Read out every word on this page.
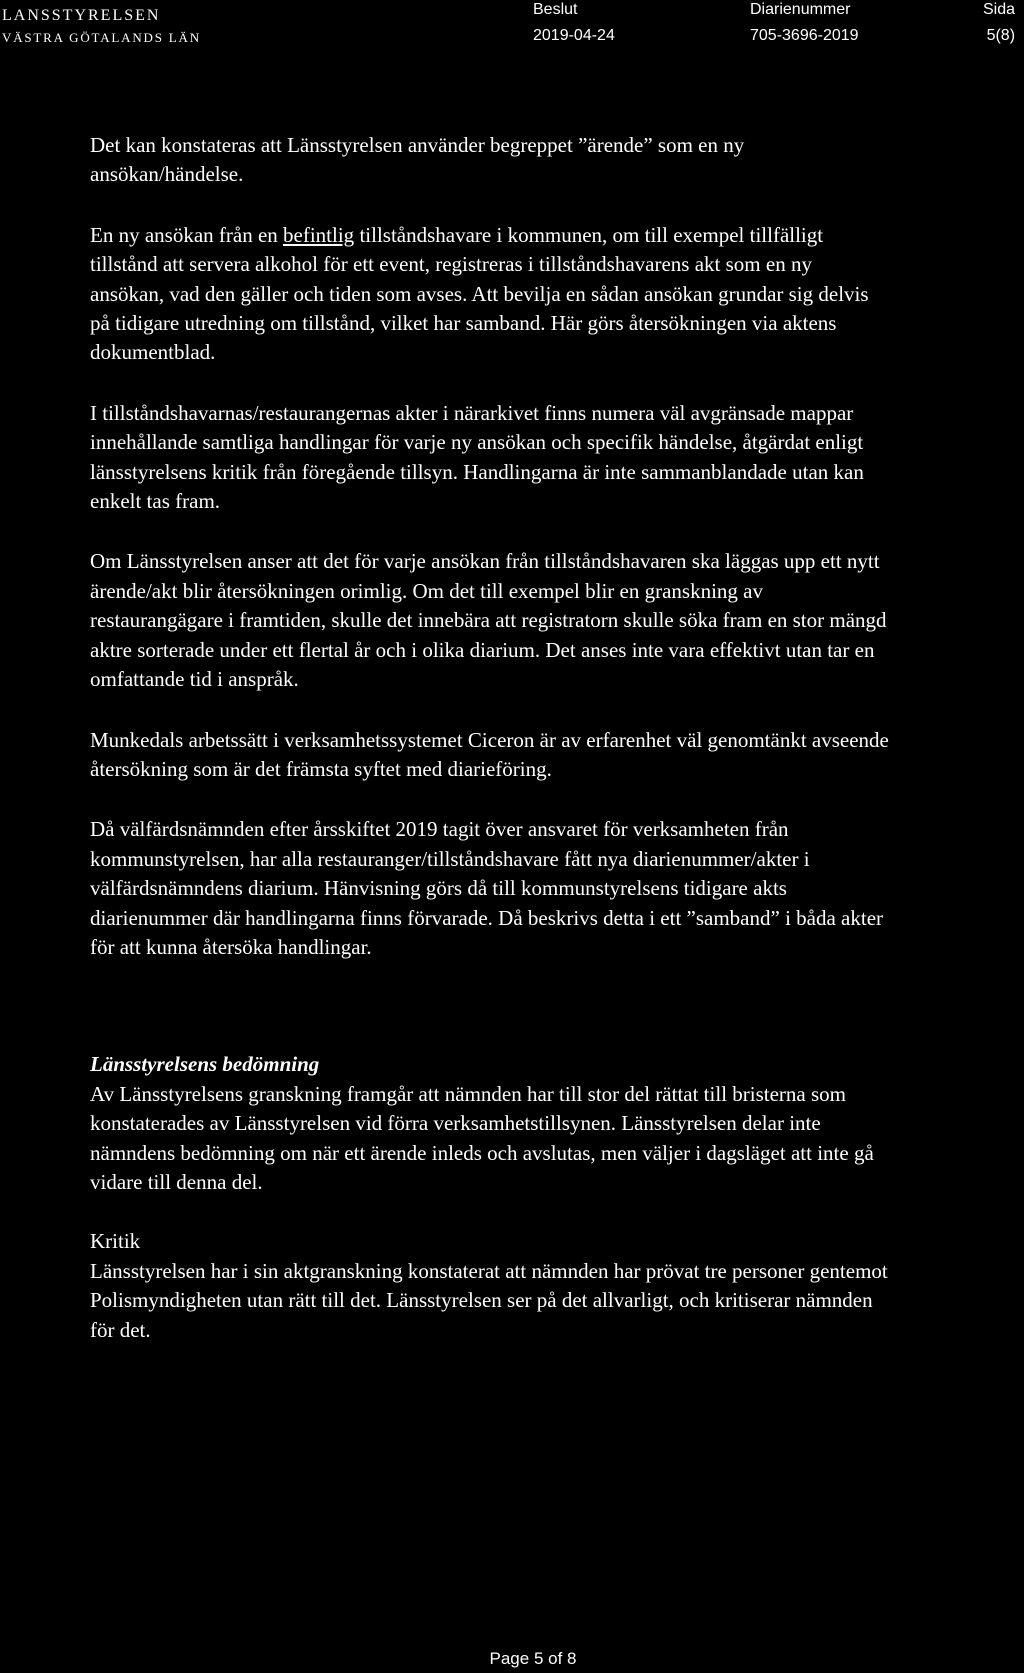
LANSSTYRELSEN
VÄSTRA GÖTALANDS LÄN
Beslut
2019-04-24
Diarienummer
705-3696-2019
Sida
5(8)

Det kan konstateras att Länsstyrelsen använder begreppet ”ärende” som en ny ansökan/händelse.

En ny ansökan från en befintlig tillståndshavare i kommunen, om till exempel tillfälligt tillstånd att servera alkohol för ett event, registreras i tillståndshavarens akt som en ny ansökan, vad den gäller och tiden som avses. Att bevilja en sådan ansökan grundar sig delvis på tidigare utredning om tillstånd, vilket har samband. Här görs återsökningen via aktens dokumentblad.

I tillståndshavarnas/restaurangernas akter i närarkivet finns numera väl avgränsade mappar innehållande samtliga handlingar för varje ny ansökan och specifik händelse, åtgärdat enligt länsstyrelsens kritik från föregående tillsyn. Handlingarna är inte sammanblandade utan kan enkelt tas fram.

Om Länsstyrelsen anser att det för varje ansökan från tillståndshavaren ska läggas upp ett nytt ärende/akt blir återsökningen orimlig. Om det till exempel blir en granskning av restaurangägare i framtiden, skulle det innebära att registratorn skulle söka fram en stor mängd aktre sorterade under ett flertal år och i olika diarium. Det anses inte vara effektivt utan tar en omfattande tid i anspråk.

Munkedals arbetssätt i verksamhetssystemet Ciceron är av erfarenhet väl genomtänkt avseende återsökning som är det främsta syftet med diarieföring.

Då välfärdsnämnden efter årsskiftet 2019 tagit över ansvaret för verksamheten från kommunstyrelsen, har alla restauranger/tillståndshavare fått nya diarienummer/akter i välfärdsnämndens diarium. Hänvisning görs då till kommunstyrelsens tidigare akts diarienummer där handlingarna finns förvarade. Då beskrivs detta i ett ”samband” i båda akter för att kunna återsöka handlingar.

Länsstyrelsens bedömning

Av Länsstyrelsens granskning framgår att nämnden har till stor del rättat till bristerna som konstaterades av Länsstyrelsen vid förra verksamhetstillsynen. Länsstyrelsen delar inte nämndens bedömning om när ett ärende inleds och avslutas, men väljer i dagsläget att inte gå vidare till denna del.

Kritik

Länsstyrelsen har i sin aktgranskning konstaterat att nämnden har prövat tre personer gentemot Polismyndigheten utan rätt till det. Länsstyrelsen ser på det allvarligt, och kritiserar nämnden för det.

Page 5 of 8
